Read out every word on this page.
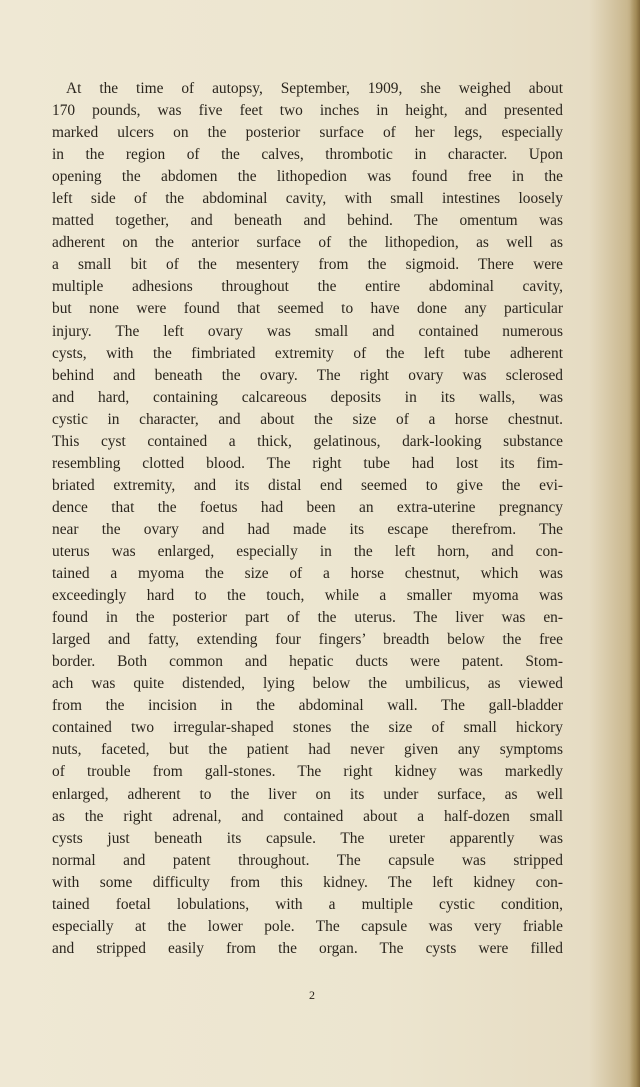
At the time of autopsy, September, 1909, she weighed about
170 pounds, was five feet two inches in height, and presented
marked ulcers on the posterior surface of her legs, especially
in the region of the calves, thrombotic in character. Upon
opening the abdomen the lithopedion was found free in the
left side of the abdominal cavity, with small intestines loosely
matted together, and beneath and behind. The omentum was
adherent on the anterior surface of the lithopedion, as well as
a small bit of the mesentery from the sigmoid. There were
multiple adhesions throughout the entire abdominal cavity,
but none were found that seemed to have done any particular
injury. The left ovary was small and contained numerous
cysts, with the fimbriated extremity of the left tube adherent
behind and beneath the ovary. The right ovary was sclerosed
and hard, containing calcareous deposits in its walls, was
cystic in character, and about the size of a horse chestnut.
This cyst contained a thick, gelatinous, dark-looking substance
resembling clotted blood. The right tube had lost its fim-
briated extremity, and its distal end seemed to give the evi-
dence that the foetus had been an extra-uterine pregnancy
near the ovary and had made its escape therefrom. The
uterus was enlarged, especially in the left horn, and con-
tained a myoma the size of a horse chestnut, which was
exceedingly hard to the touch, while a smaller myoma was
found in the posterior part of the uterus. The liver was en-
larged and fatty, extending four fingers’ breadth below the free
border. Both common and hepatic ducts were patent. Stom-
ach was quite distended, lying below the umbilicus, as viewed
from the incision in the abdominal wall. The gall-bladder
contained two irregular-shaped stones the size of small hickory
nuts, faceted, but the patient had never given any symptoms
of trouble from gall-stones. The right kidney was markedly
enlarged, adherent to the liver on its under surface, as well
as the right adrenal, and contained about a half-dozen small
cysts just beneath its capsule. The ureter apparently was
normal and patent throughout. The capsule was stripped
with some difficulty from this kidney. The left kidney con-
tained foetal lobulations, with a multiple cystic condition,
especially at the lower pole. The capsule was very friable
and stripped easily from the organ. The cysts were filled
2
